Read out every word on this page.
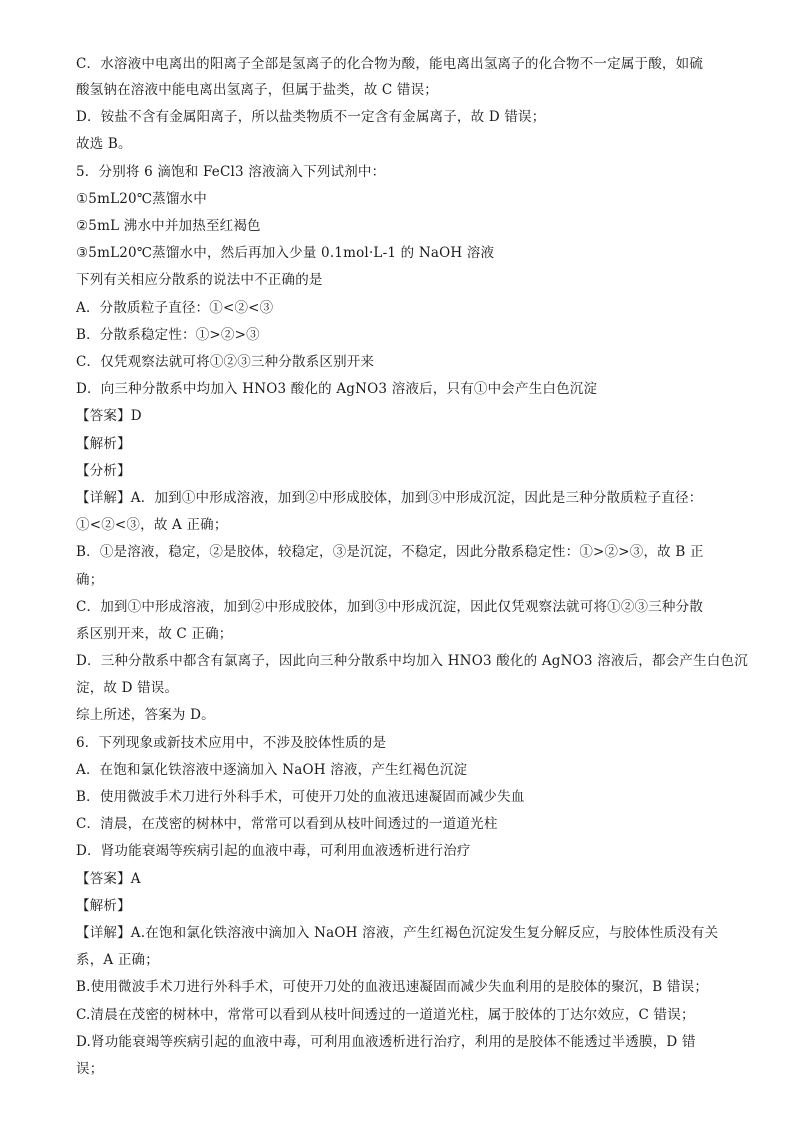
C．水溶液中电离出的阳离子全部是氢离子的化合物为酸，能电离出氢离子的化合物不一定属于酸，如硫
酸氢钠在溶液中能电离出氢离子，但属于盐类，故 C 错误；
D．铵盐不含有金属阳离子，所以盐类物质不一定含有金属离子，故 D 错误；
故选 B。
5．分别将 6 滴饱和 FeCl3 溶液滴入下列试剂中：
①5mL20℃蒸馏水中
②5mL 沸水中并加热至红褐色
③5mL20℃蒸馏水中，然后再加入少量 0.1mol·L-1 的 NaOH 溶液
下列有关相应分散系的说法中不正确的是
A．分散质粒子直径：①<②<③
B．分散系稳定性：①>②>③
C．仅凭观察法就可将①②③三种分散系区别开来
D．向三种分散系中均加入 HNO3 酸化的 AgNO3 溶液后，只有①中会产生白色沉淀
【答案】D
【解析】
【分析】
【详解】A．加到①中形成溶液，加到②中形成胶体，加到③中形成沉淀，因此是三种分散质粒子直径：
①<②<③，故 A 正确；
B．①是溶液，稳定，②是胶体，较稳定，③是沉淀，不稳定，因此分散系稳定性：①>②>③，故 B 正
确；
C．加到①中形成溶液，加到②中形成胶体，加到③中形成沉淀，因此仅凭观察法就可将①②③三种分散
系区别开来，故 C 正确；
D．三种分散系中都含有氯离子，因此向三种分散系中均加入 HNO3 酸化的 AgNO3 溶液后，都会产生白色沉
淀，故 D 错误。
综上所述，答案为 D。
6．下列现象或新技术应用中，不涉及胶体性质的是
A．在饱和氯化铁溶液中逐滴加入 NaOH 溶液，产生红褐色沉淀
B．使用微波手术刀进行外科手术，可使开刀处的血液迅速凝固而减少失血
C．清晨，在茂密的树林中，常常可以看到从枝叶间透过的一道道光柱
D．肾功能衰竭等疾病引起的血液中毒，可利用血液透析进行治疗
【答案】A
【解析】
【详解】A.在饱和氯化铁溶液中滴加入 NaOH 溶液，产生红褐色沉淀发生复分解反应，与胶体性质没有关
系，A 正确；
B.使用微波手术刀进行外科手术，可使开刀处的血液迅速凝固而减少失血利用的是胶体的聚沉，B 错误；
C.清晨在茂密的树林中，常常可以看到从枝叶间透过的一道道光柱，属于胶体的丁达尔效应，C 错误；
D.肾功能衰竭等疾病引起的血液中毒，可利用血液透析进行治疗，利用的是胶体不能透过半透膜，D 错
误；
